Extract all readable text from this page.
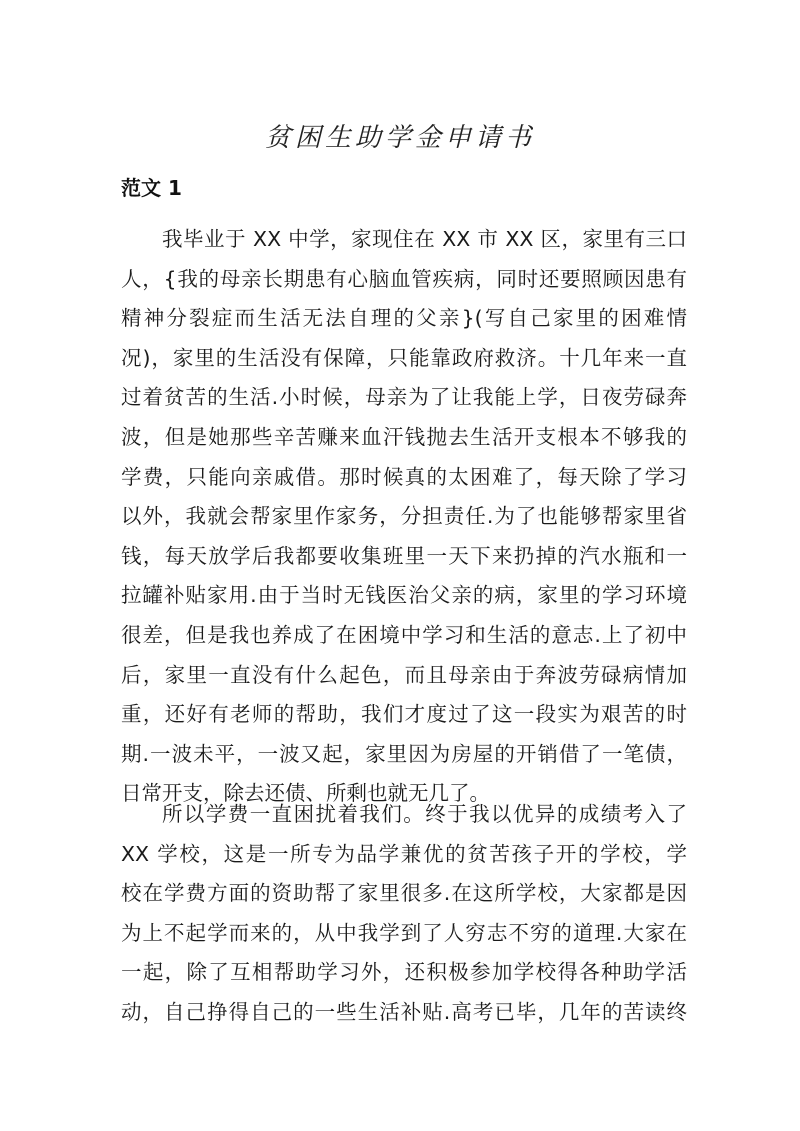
贫困生助学金申请书
范文 1
我毕业于 XX 中学，家现住在 XX 市 XX 区，家里有三口
人，{我的母亲长期患有心脑血管疾病，同时还要照顾因患有
精神分裂症而生活无法自理的父亲}(写自己家里的困难情
况)，家里的生活没有保障，只能靠政府救济。十几年来一直
过着贫苦的生活.小时候，母亲为了让我能上学，日夜劳碌奔
波，但是她那些辛苦赚来血汗钱抛去生活开支根本不够我的
学费，只能向亲戚借。那时候真的太困难了，每天除了学习
以外，我就会帮家里作家务，分担责任.为了也能够帮家里省
钱，每天放学后我都要收集班里一天下来扔掉的汽水瓶和一
拉罐补贴家用.由于当时无钱医治父亲的病，家里的学习环境
很差，但是我也养成了在困境中学习和生活的意志.上了初中
后，家里一直没有什么起色，而且母亲由于奔波劳碌病情加
重，还好有老师的帮助，我们才度过了这一段实为艰苦的时
期.一波未平，一波又起，家里因为房屋的开销借了一笔债，
日常开支，除去还债、所剩也就无几了。
所以学费一直困扰着我们。终于我以优异的成绩考入了
XX 学校，这是一所专为品学兼优的贫苦孩子开的学校，学
校在学费方面的资助帮了家里很多.在这所学校，大家都是因
为上不起学而来的，从中我学到了人穷志不穷的道理.大家在
一起，除了互相帮助学习外，还积极参加学校得各种助学活
动，自己挣得自己的一些生活补贴.高考已毕，几年的苦读终
